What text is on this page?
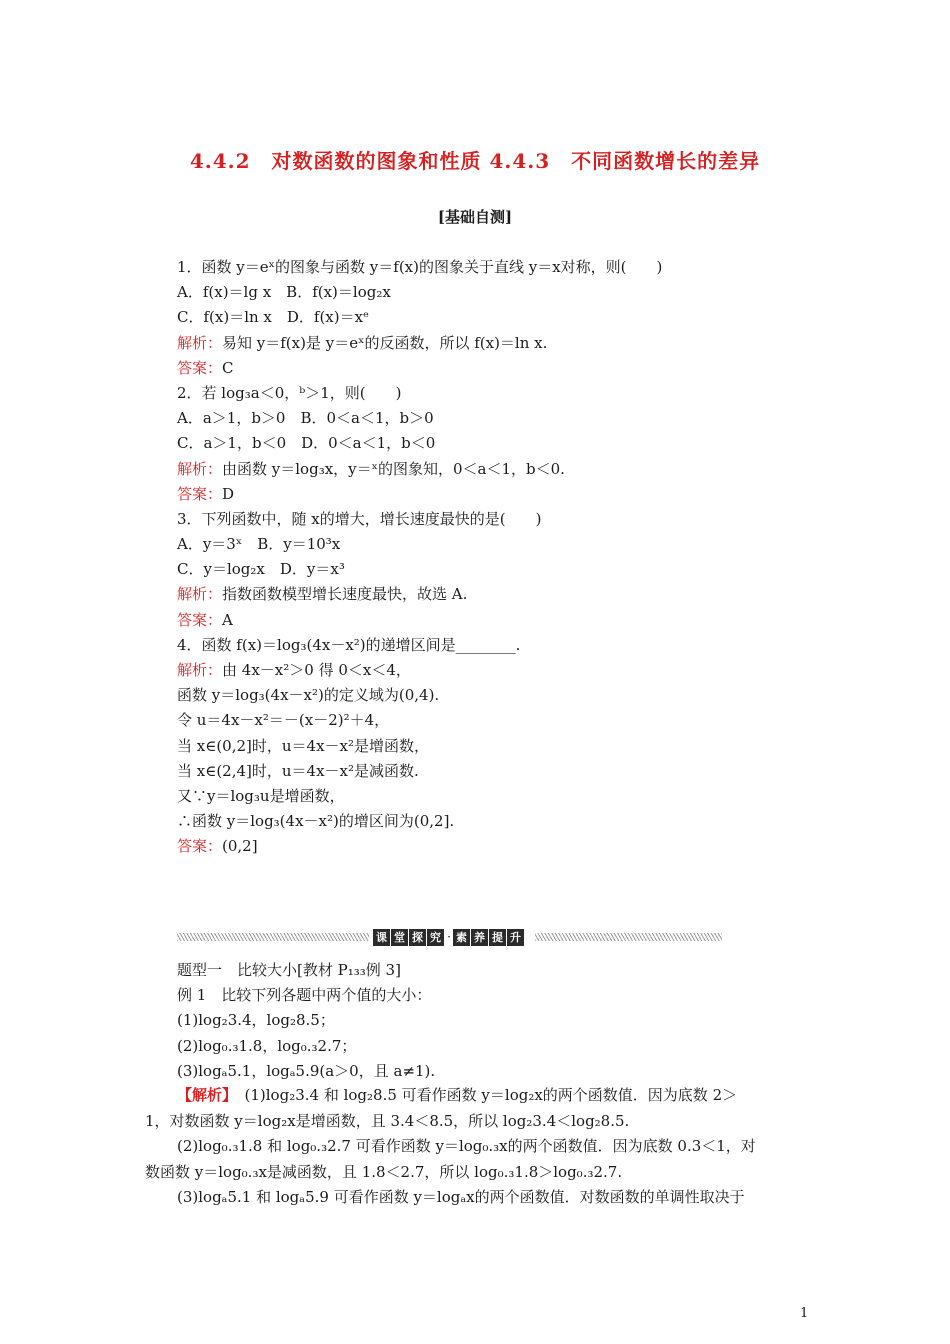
4.4.2　对数函数的图象和性质 4.4.3　不同函数增长的差异
[基础自测]
1．函数 y＝eˣ的图象与函数 y＝f(x)的图象关于直线 y＝x对称，则(　　)
A．f(x)＝lg x　B．f(x)＝log₂x
C．f(x)＝ln x　D．f(x)＝xᵉ
解析：易知 y＝f(x)是 y＝eˣ的反函数，所以 f(x)＝ln x.
答案：C
2．若 log₃a＜0，ᵇ＞1，则(　　)
A．a＞1，b＞0　B．0＜a＜1，b＞0
C．a＞1，b＜0　D．0＜a＜1，b＜0
解析：由函数 y＝log₃x，y＝ˣ的图象知，0＜a＜1，b＜0.
答案：D
3．下列函数中，随 x的增大，增长速度最快的是(　　)
A．y＝3ˣ　B．y＝10³x
C．y＝log₂x　D．y＝x³
解析：指数函数模型增长速度最快，故选 A.
答案：A
4．函数 f(x)＝log₃(4x－x²)的递增区间是________.
解析：由 4x－x²＞0 得 0＜x＜4，
函数 y＝log₃(4x－x²)的定义域为(0,4).
令 u＝4x－x²＝－(x－2)²＋4，
当 x∈(0,2]时，u＝4x－x²是增函数，
当 x∈(2,4]时，u＝4x－x²是减函数.
又∵y＝log₃u是增函数，
∴函数 y＝log₃(4x－x²)的增区间为(0,2].
答案：(0,2]
课 堂 探 究 · 素 养 提 升
题型一　比较大小[教材 P₁₃₃例 3]
例 1　比较下列各题中两个值的大小：
(1)log₂3.4，log₂8.5；
(2)log₀.₃1.8，log₀.₃2.7；
(3)logₐ5.1，logₐ5.9(a＞0，且 a≠1).
【解析】　(1)log₂3.4 和 log₂8.5 可看作函数 y＝log₂x的两个函数值．因为底数 2＞
1，对数函数 y＝log₂x是增函数，且 3.4＜8.5，所以 log₂3.4＜log₂8.5.
(2)log₀.₃1.8 和 log₀.₃2.7 可看作函数 y＝log₀.₃x的两个函数值．因为底数 0.3＜1，对
数函数 y＝log₀.₃x是减函数，且 1.8＜2.7，所以 log₀.₃1.8＞log₀.₃2.7.
(3)logₐ5.1 和 logₐ5.9 可看作函数 y＝logₐx的两个函数值．对数函数的单调性取决于
1
